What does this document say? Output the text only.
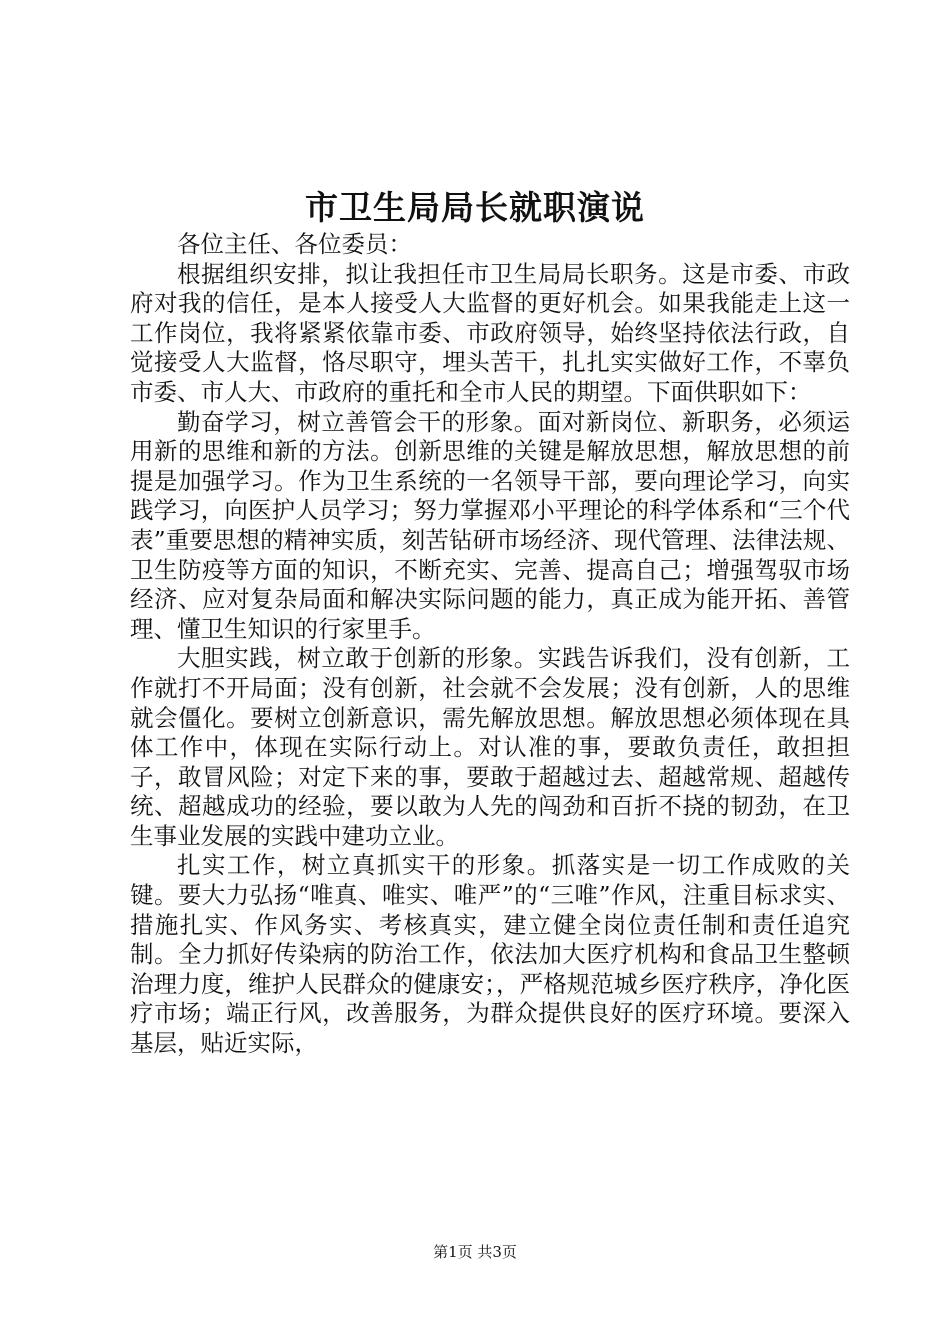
市卫生局局长就职演说

各位主任、各位委员：

根据组织安排，拟让我担任市卫生局局长职务。这是市委、市政府对我的信任，是本人接受人大监督的更好机会。如果我能走上这一工作岗位，我将紧紧依靠市委、市政府领导，始终坚持依法行政，自觉接受人大监督，恪尽职守，埋头苦干，扎扎实实做好工作，不辜负市委、市人大、市政府的重托和全市人民的期望。下面供职如下：

勤奋学习，树立善管会干的形象。面对新岗位、新职务，必须运用新的思维和新的方法。创新思维的关键是解放思想，解放思想的前提是加强学习。作为卫生系统的一名领导干部，要向理论学习，向实践学习，向医护人员学习；努力掌握邓小平理论的科学体系和“三个代表”重要思想的精神实质，刻苦钻研市场经济、现代管理、法律法规、卫生防疫等方面的知识，不断充实、完善、提高自己；增强驾驭市场经济、应对复杂局面和解决实际问题的能力，真正成为能开拓、善管理、懂卫生知识的行家里手。

大胆实践，树立敢于创新的形象。实践告诉我们，没有创新，工作就打不开局面；没有创新，社会就不会发展；没有创新，人的思维就会僵化。要树立创新意识，需先解放思想。解放思想必须体现在具体工作中，体现在实际行动上。对认准的事，要敢负责任，敢担担子，敢冒风险；对定下来的事，要敢于超越过去、超越常规、超越传统、超越成功的经验，要以敢为人先的闯劲和百折不挠的韧劲，在卫生事业发展的实践中建功立业。

扎实工作，树立真抓实干的形象。抓落实是一切工作成败的关键。要大力弘扬“唯真、唯实、唯严”的“三唯”作风，注重目标求实、措施扎实、作风务实、考核真实，建立健全岗位责任制和责任追究制。全力抓好传染病的防治工作，依法加大医疗机构和食品卫生整顿治理力度，维护人民群众的健康安；，严格规范城乡医疗秩序，净化医疗市场；端正行风，改善服务，为群众提供良好的医疗环境。要深入基层，贴近实际，

第1页 共3页
